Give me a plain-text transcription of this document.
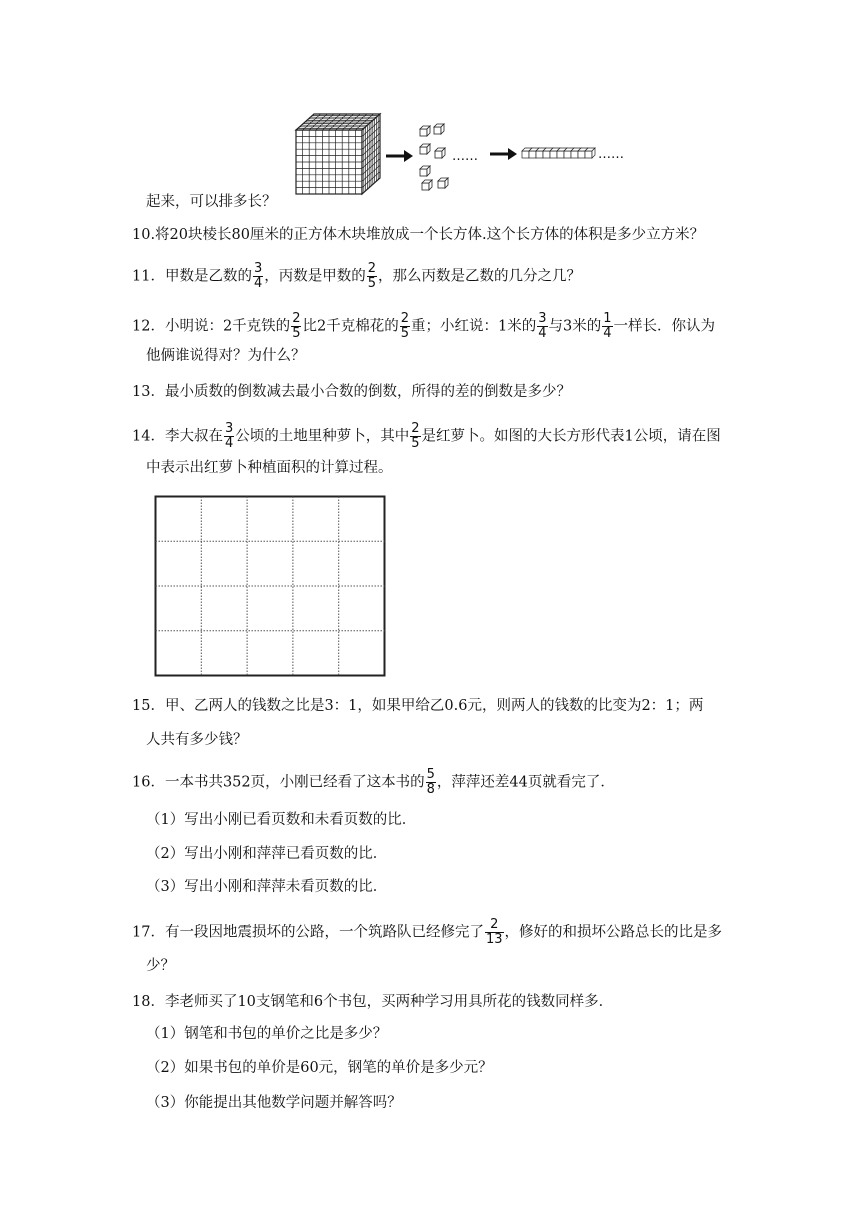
……	……
起来，可以排多长？
10.将20块棱长80厘米的正方体木块堆放成一个长方体.这个长方体的体积是多少立方米？
11．甲数是乙数的 $\frac{3}{4}$ ，丙数是甲数的 $\frac{2}{5}$ ，那么丙数是乙数的几分之几？
12．小明说：2千克铁的 $\frac{2}{5}$ 比2千克棉花的 $\frac{2}{5}$ 重；小红说：1米的 $\frac{3}{4}$ 与3米的 $\frac{1}{4}$ 一样长．你认为
他俩谁说得对？为什么？
13．最小质数的倒数减去最小合数的倒数，所得的差的倒数是多少？
14．李大叔在 $\frac{3}{4}$ 公顷的土地里种萝卜，其中 $\frac{2}{5}$ 是红萝卜。如图的大长方形代表1公顷，请在图
中表示出红萝卜种植面积的计算过程。
15．甲、乙两人的钱数之比是3：1，如果甲给乙0.6元，则两人的钱数的比变为2：1；两
人共有多少钱？
16．一本书共352页，小刚已经看了这本书的 $\frac{5}{8}$ ，萍萍还差44页就看完了．
（1）写出小刚已看页数和未看页数的比．
（2）写出小刚和萍萍已看页数的比．
（3）写出小刚和萍萍未看页数的比．
17．有一段因地震损坏的公路，一个筑路队已经修完了 $\frac{2}{13}$ ，修好的和损坏公路总长的比是多
少？
18．李老师买了10支钢笔和6个书包，买两种学习用具所花的钱数同样多．
（1）钢笔和书包的单价之比是多少？
（2）如果书包的单价是60元，钢笔的单价是多少元？
（3）你能提出其他数学问题并解答吗？
